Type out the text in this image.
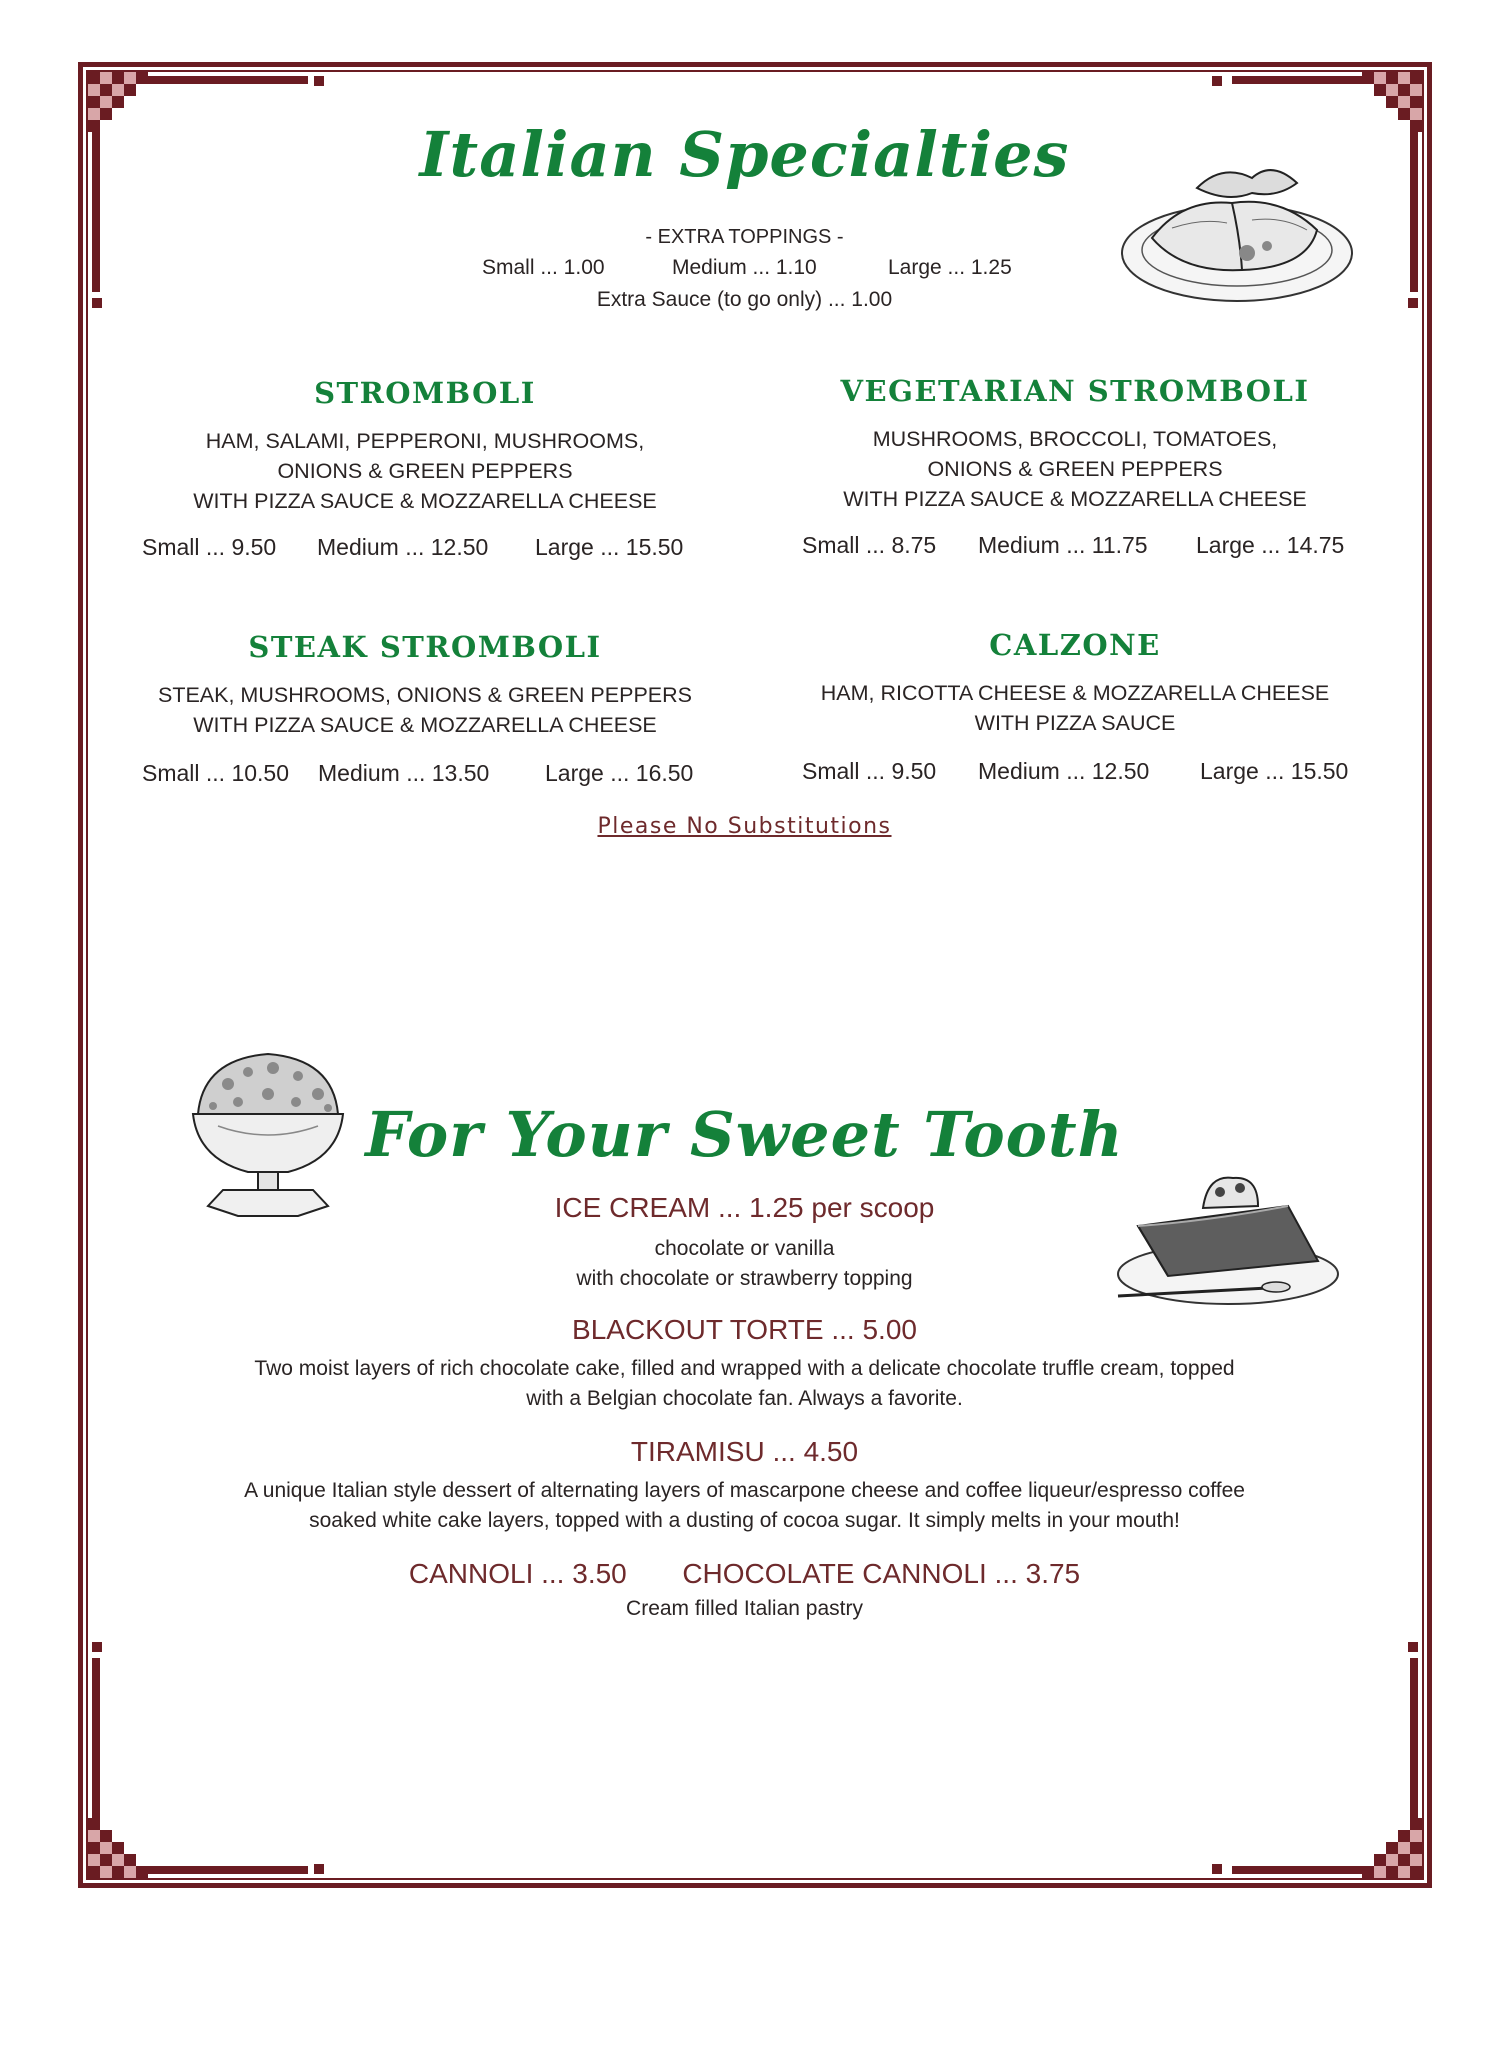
Italian Specialties
- EXTRA TOPPINGS -
Small ... 1.00	Medium ... 1.10	Large ... 1.25
Extra Sauce (to go only) ... 1.00
STROMBOLI
HAM, SALAMI, PEPPERONI, MUSHROOMS,
ONIONS & GREEN PEPPERS
WITH PIZZA SAUCE & MOZZARELLA CHEESE
Small ... 9.50 Medium ... 12.50 Large ... 15.50
VEGETARIAN STROMBOLI
MUSHROOMS, BROCCOLI, TOMATOES,
ONIONS & GREEN PEPPERS
WITH PIZZA SAUCE & MOZZARELLA CHEESE
Small ... 8.75 Medium ... 11.75 Large ... 14.75
STEAK STROMBOLI
STEAK, MUSHROOMS, ONIONS & GREEN PEPPERS
WITH PIZZA SAUCE & MOZZARELLA CHEESE
Small ... 10.50 Medium ... 13.50 Large ... 16.50
CALZONE
HAM, RICOTTA CHEESE & MOZZARELLA CHEESE
WITH PIZZA SAUCE
Small ... 9.50 Medium ... 12.50 Large ... 15.50
Please No Substitutions
For Your Sweet Tooth
ICE CREAM ... 1.25 per scoop
chocolate or vanilla
with chocolate or strawberry topping
BLACKOUT TORTE ... 5.00
Two moist layers of rich chocolate cake, filled and wrapped with a delicate chocolate truffle cream, topped
with a Belgian chocolate fan. Always a favorite.
TIRAMISU ... 4.50
A unique Italian style dessert of alternating layers of mascarpone cheese and coffee liqueur/espresso coffee
soaked white cake layers, topped with a dusting of cocoa sugar. It simply melts in your mouth!
CANNOLI ... 3.50 CHOCOLATE CANNOLI ... 3.75
Cream filled Italian pastry
